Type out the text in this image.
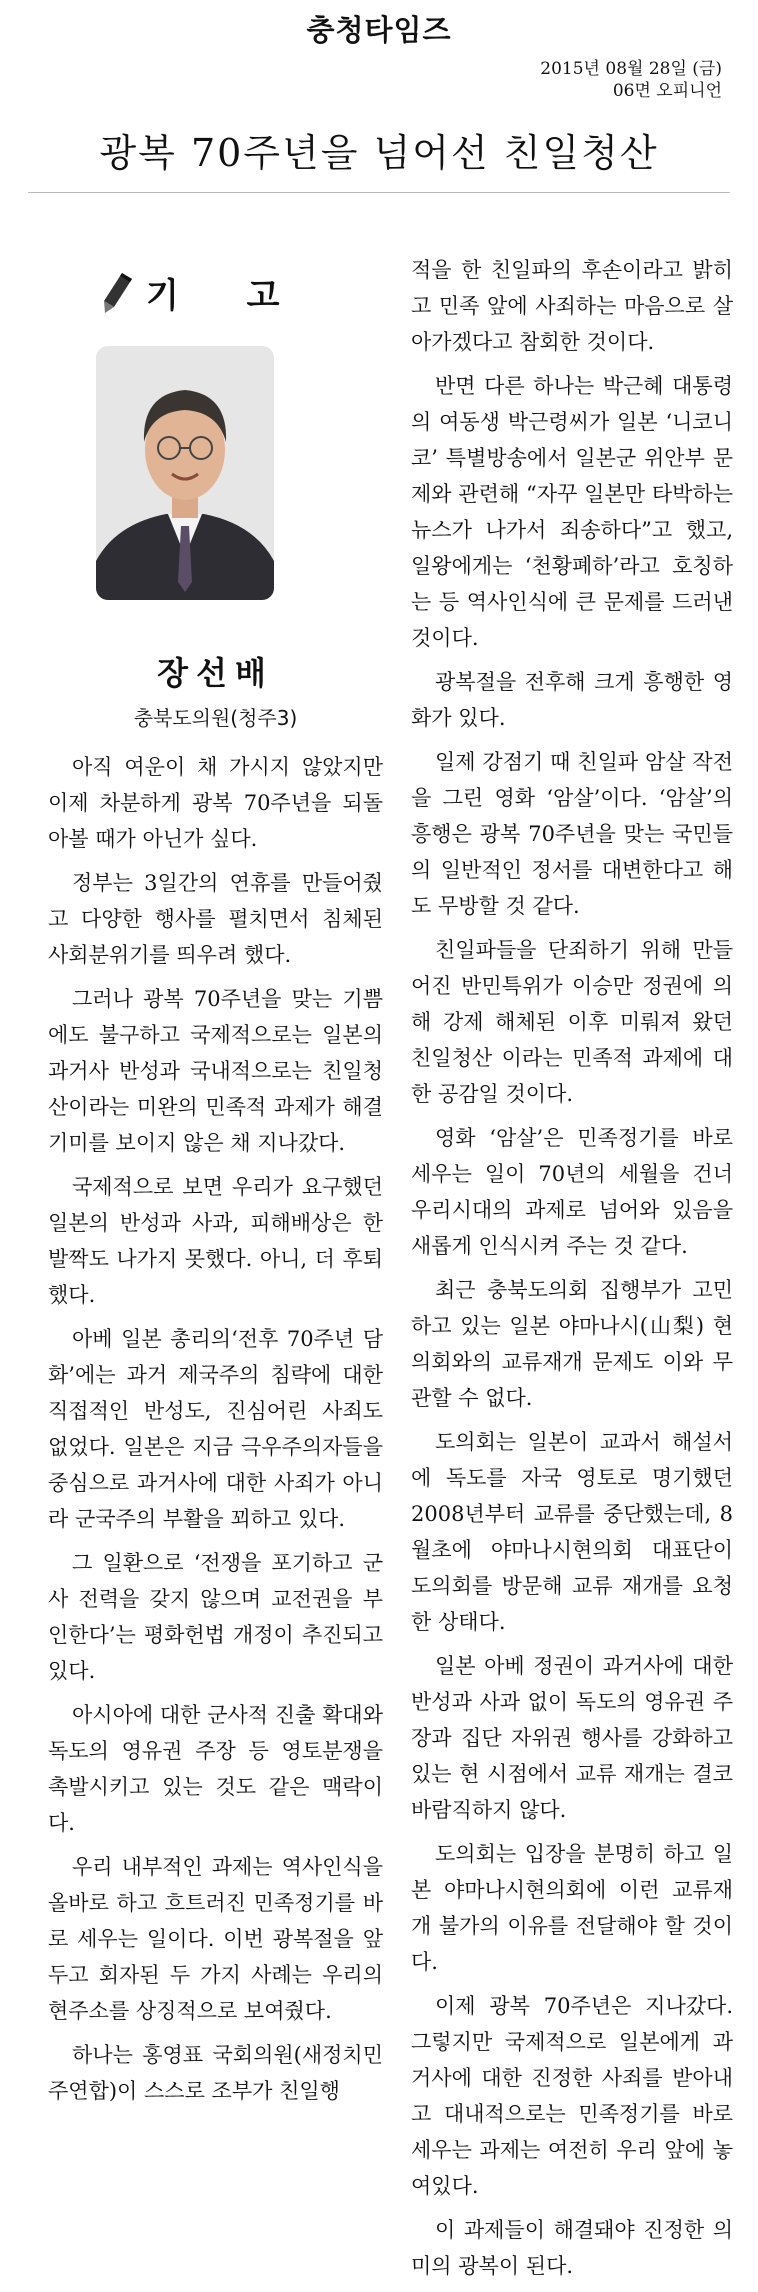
충청타임즈
2015년 08월 28일 (금)
06면 오피니언
광복 70주년을 넘어선 친일청산
기 고
장선배
충북도의원(청주3)

아직 여운이 채 가시지 않았지만 이제 차분하게 광복 70주년을 되돌아볼 때가 아닌가 싶다.

정부는 3일간의 연휴를 만들어줬고 다양한 행사를 펼치면서 침체된 사회분위기를 띄우려 했다.

그러나 광복 70주년을 맞는 기쁨에도 불구하고 국제적으로는 일본의 과거사 반성과 국내적으로는 친일청산이라는 미완의 민족적 과제가 해결기미를 보이지 않은 채 지나갔다.

국제적으로 보면 우리가 요구했던 일본의 반성과 사과, 피해배상은 한 발짝도 나가지 못했다. 아니, 더 후퇴했다.

아베 일본 총리의‘전후 70주년 담화’에는 과거 제국주의 침략에 대한 직접적인 반성도, 진심어린 사죄도 없었다. 일본은 지금 극우주의자들을 중심으로 과거사에 대한 사죄가 아니라 군국주의 부활을 꾀하고 있다.

그 일환으로 ‘전쟁을 포기하고 군사 전력을 갖지 않으며 교전권을 부인한다’는 평화헌법 개정이 추진되고 있다.

아시아에 대한 군사적 진출 확대와 독도의 영유권 주장 등 영토분쟁을 촉발시키고 있는 것도 같은 맥락이다.

우리 내부적인 과제는 역사인식을 올바로 하고 흐트러진 민족정기를 바로 세우는 일이다. 이번 광복절을 앞두고 회자된 두 가지 사례는 우리의 현주소를 상징적으로 보여줬다.

하나는 홍영표 국회의원(새정치민주연합)이 스스로 조부가 친일행

적을 한 친일파의 후손이라고 밝히고 민족 앞에 사죄하는 마음으로 살아가겠다고 참회한 것이다.

반면 다른 하나는 박근혜 대통령의 여동생 박근령씨가 일본 ‘니코니코’ 특별방송에서 일본군 위안부 문제와 관련해 “자꾸 일본만 타박하는 뉴스가 나가서 죄송하다”고 했고, 일왕에게는 ‘천황폐하’라고 호칭하는 등 역사인식에 큰 문제를 드러낸 것이다.

광복절을 전후해 크게 흥행한 영화가 있다.

일제 강점기 때 친일파 암살 작전을 그린 영화 ‘암살’이다. ‘암살’의 흥행은 광복 70주년을 맞는 국민들의 일반적인 정서를 대변한다고 해도 무방할 것 같다.

친일파들을 단죄하기 위해 만들어진 반민특위가 이승만 정권에 의해 강제 해체된 이후 미뤄져 왔던 친일청산 이라는 민족적 과제에 대한 공감일 것이다.

영화 ‘암살’은 민족정기를 바로 세우는 일이 70년의 세월을 건너 우리시대의 과제로 넘어와 있음을 새롭게 인식시켜 주는 것 같다.

최근 충북도의회 집행부가 고민하고 있는 일본 야마나시(山梨) 현의회와의 교류재개 문제도 이와 무관할 수 없다.

도의회는 일본이 교과서 해설서에 독도를 자국 영토로 명기했던 2008년부터 교류를 중단했는데, 8월초에 야마나시현의회 대표단이 도의회를 방문해 교류 재개를 요청한 상태다.

일본 아베 정권이 과거사에 대한 반성과 사과 없이 독도의 영유권 주장과 집단 자위권 행사를 강화하고 있는 현 시점에서 교류 재개는 결코 바람직하지 않다.

도의회는 입장을 분명히 하고 일본 야마나시현의회에 이런 교류재개 불가의 이유를 전달해야 할 것이다.

이제 광복 70주년은 지나갔다. 그렇지만 국제적으로 일본에게 과거사에 대한 진정한 사죄를 받아내고 대내적으로는 민족정기를 바로 세우는 과제는 여전히 우리 앞에 놓여있다.

이 과제들이 해결돼야 진정한 의미의 광복이 된다.
